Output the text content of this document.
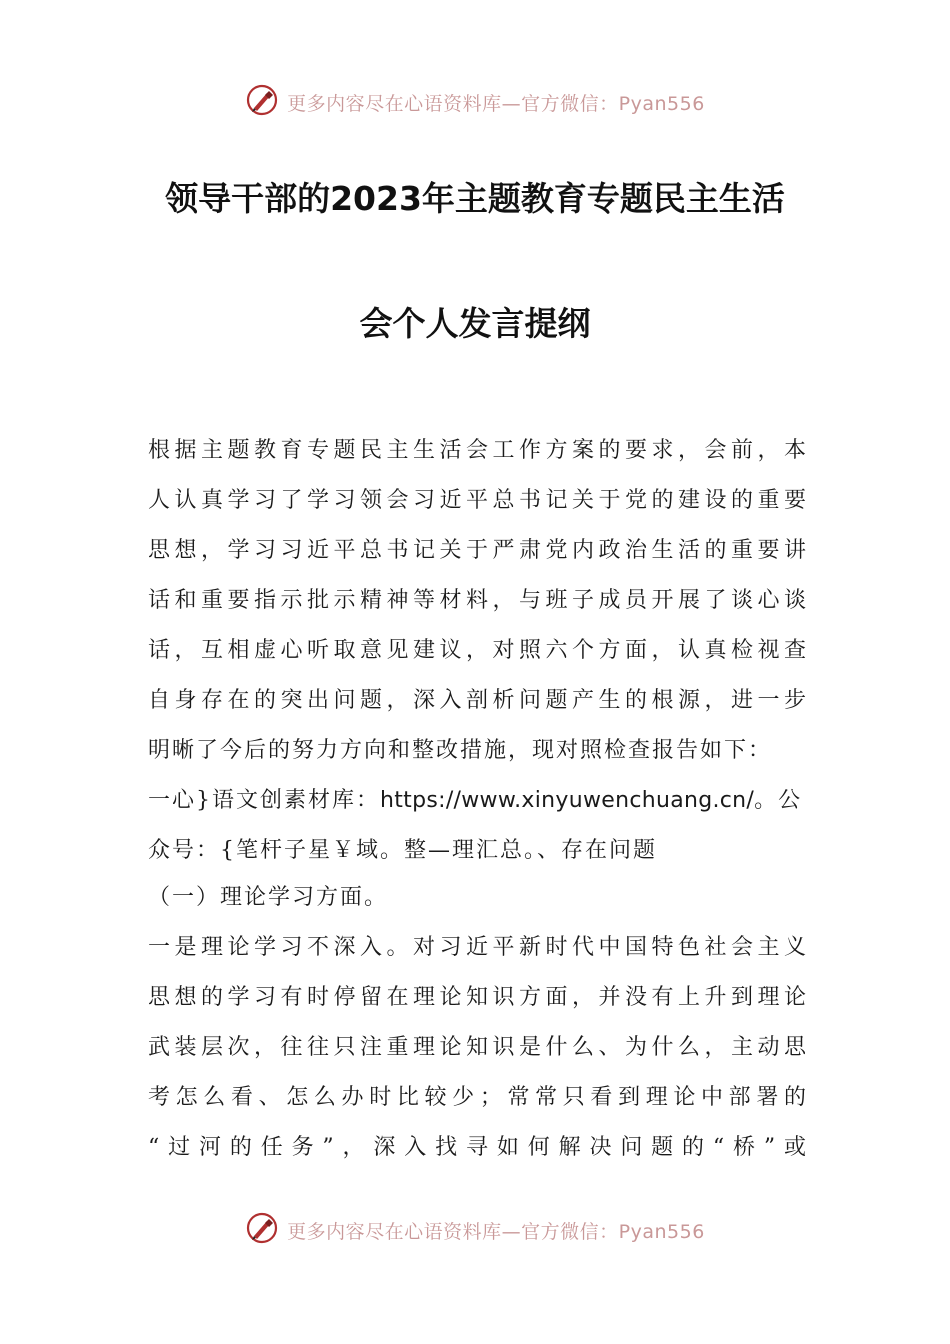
更多内容尽在心语资料库—官方微信：Pyan556
领导干部的2023年主题教育专题民主生活
会个人发言提纲
根据主题教育专题民主生活会工作方案的要求，会前，本
人认真学习了学习领会习近平总书记关于党的建设的重要
思想，学习习近平总书记关于严肃党内政治生活的重要讲
话和重要指示批示精神等材料，与班子成员开展了谈心谈
话，互相虚心听取意见建议，对照六个方面，认真检视查
自身存在的突出问题，深入剖析问题产生的根源，进一步
明晰了今后的努力方向和整改措施，现对照检查报告如下：
一心}语文创素材库：https://www.xinyuwenchuang.cn/。公
众号：{笔杆子星￥域。整—理汇总。、存在问题
（一）理论学习方面。
一是理论学习不深入。对习近平新时代中国特色社会主义
思想的学习有时停留在理论知识方面，并没有上升到理论
武装层次，往往只注重理论知识是什么、为什么，主动思
考怎么看、怎么办时比较少；常常只看到理论中部署的
“过河的任务”，深入找寻如何解决问题的“桥”或
更多内容尽在心语资料库—官方微信：Pyan556
